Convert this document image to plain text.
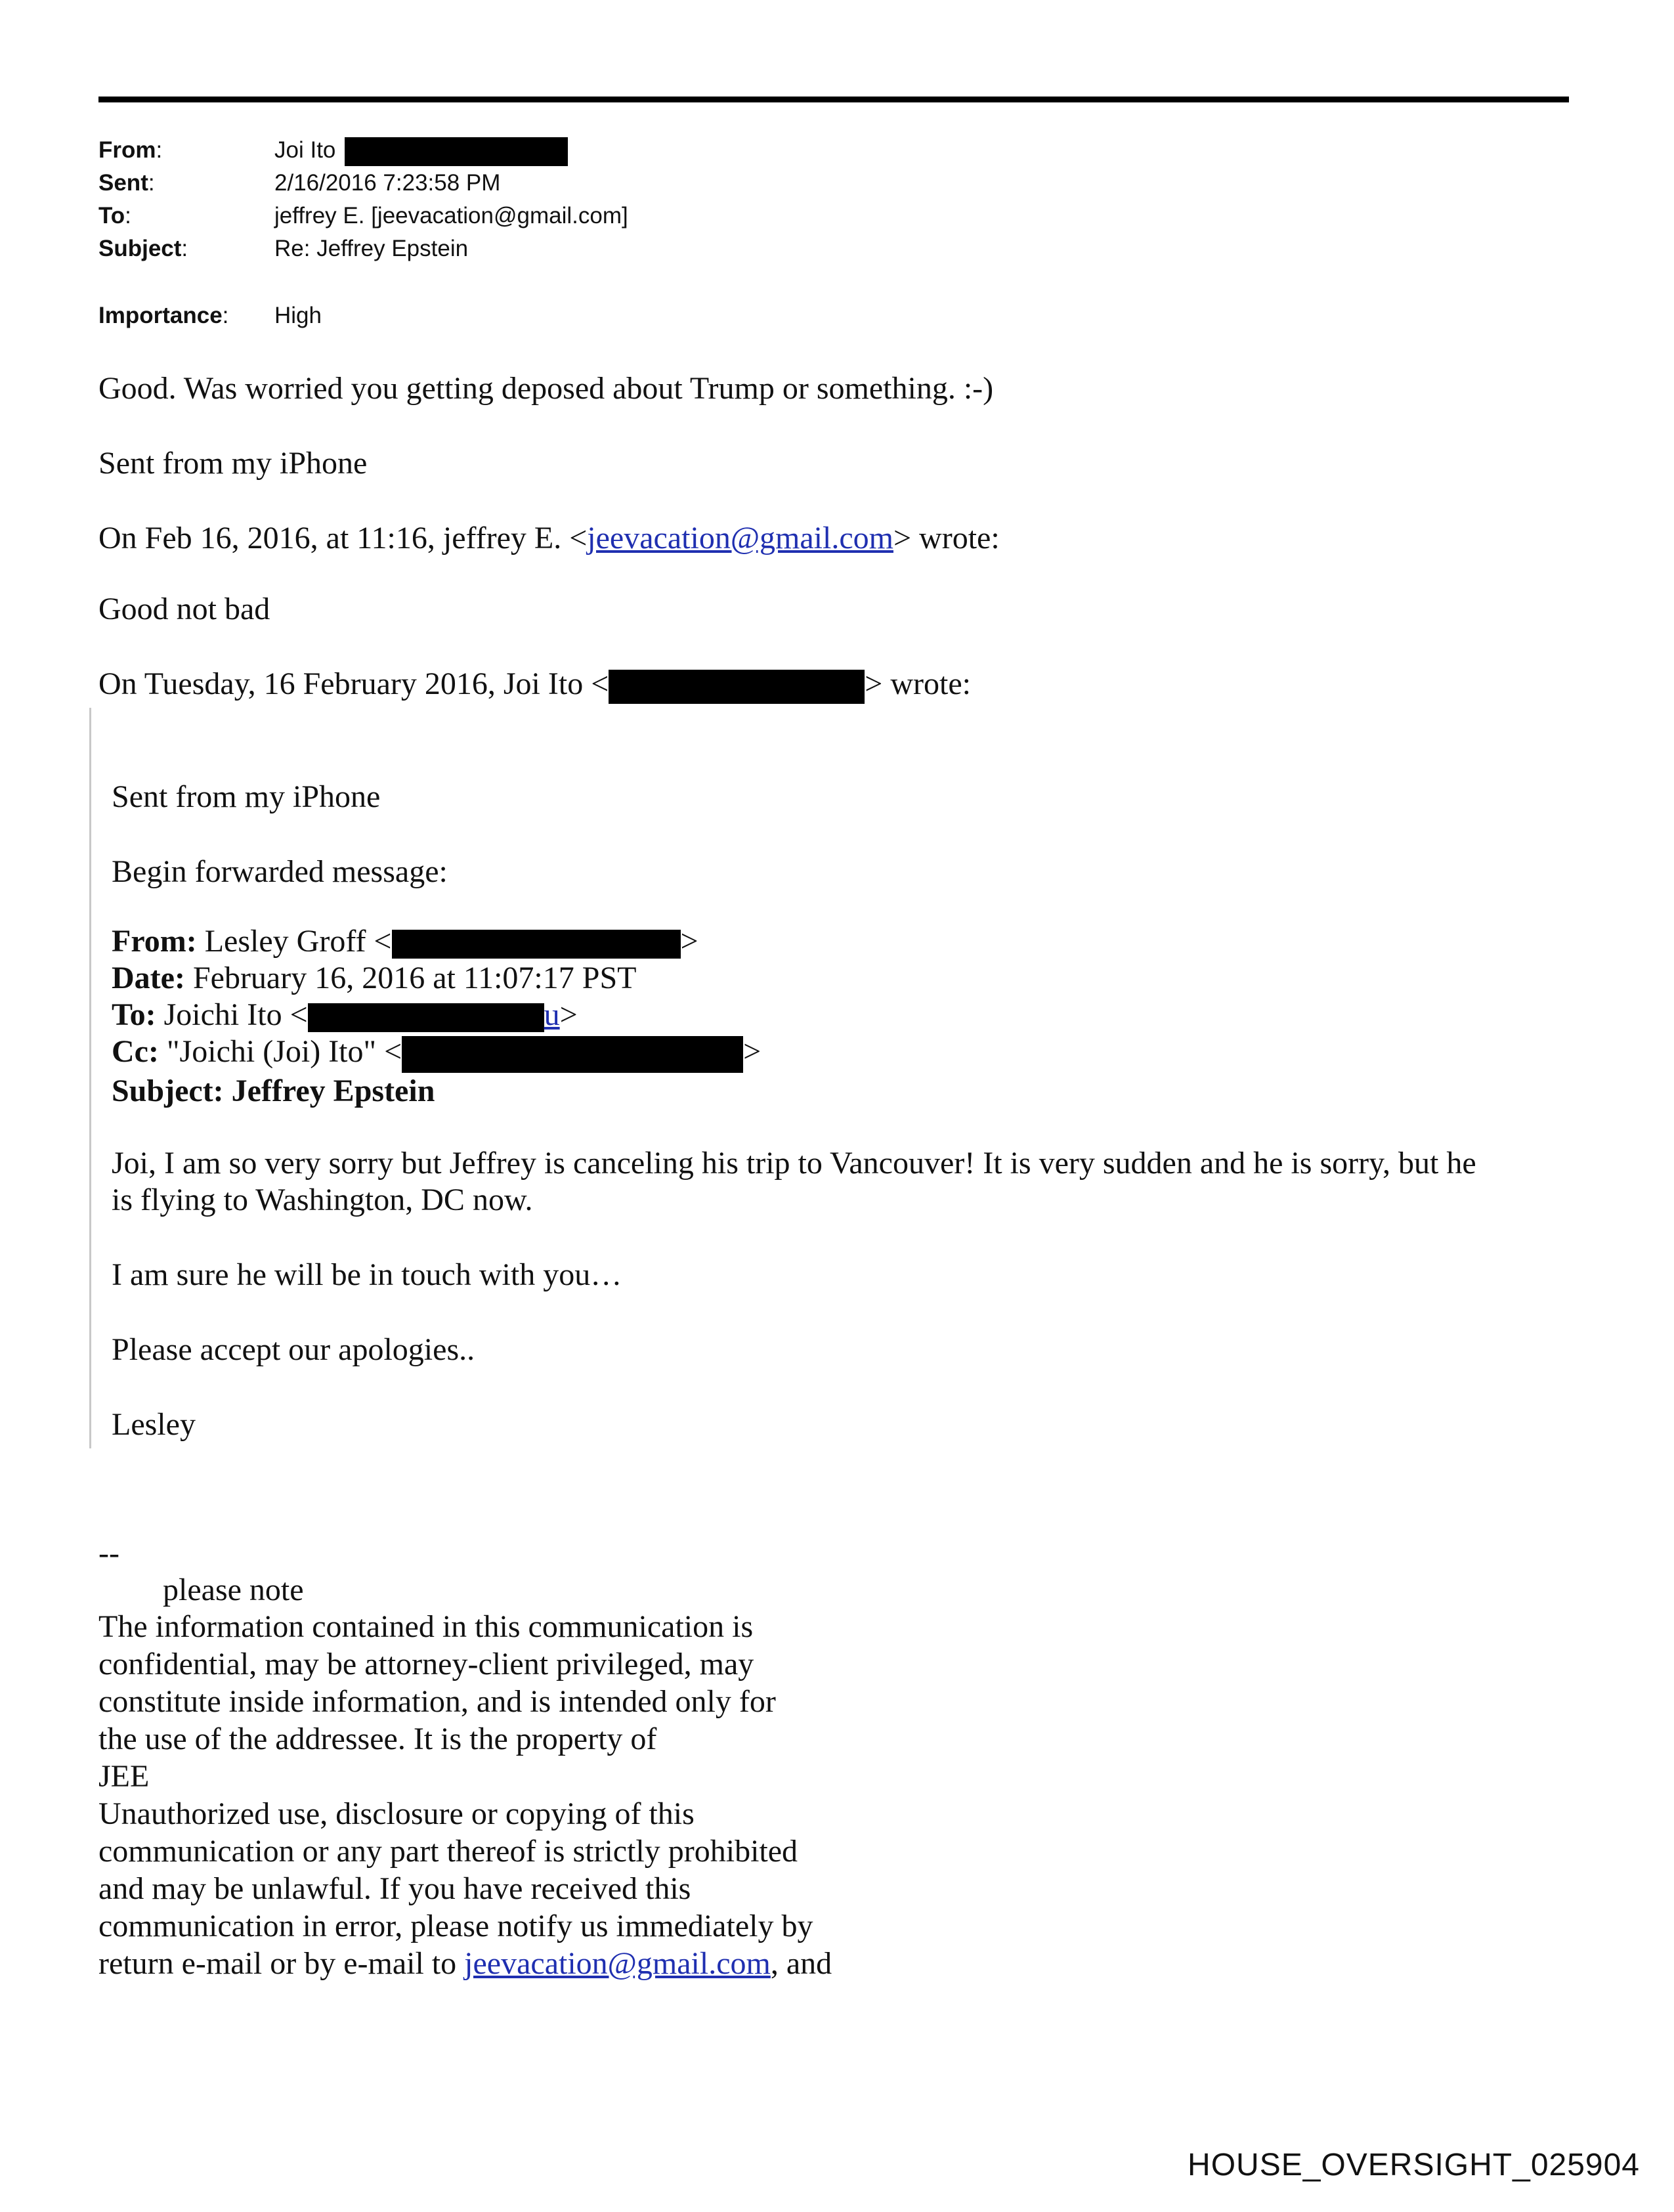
From:	Joi Ito
Sent:	2/16/2016 7:23:58 PM
To:	jeffrey E. [jeevacation@gmail.com]
Subject:	Re: Jeffrey Epstein
Importance: High
Good. Was worried you getting deposed about Trump or something. :-)
Sent from my iPhone
On Feb 16, 2016, at 11:16, jeffrey E. <jeevacation@gmail.com> wrote:
Good not bad
On Tuesday, 16 February 2016, Joi Ito <	> wrote:
Sent from my iPhone
Begin forwarded message:
From: Lesley Groff <	>
Date: February 16, 2016 at 11:07:17 PST
To: Joichi Ito <	u>
Cc: "Joichi (Joi) Ito" <	>
Subject: Jeffrey Epstein
Joi, I am so very sorry but Jeffrey is canceling his trip to Vancouver! It is very sudden and he is sorry, but he
is flying to Washington, DC now.
I am sure he will be in touch with you…
Please accept our apologies..
Lesley
--
please note
The information contained in this communication is
confidential, may be attorney-client privileged, may
constitute inside information, and is intended only for
the use of the addressee. It is the property of
JEE
Unauthorized use, disclosure or copying of this
communication or any part thereof is strictly prohibited
and may be unlawful. If you have received this
communication in error, please notify us immediately by
return e-mail or by e-mail to jeevacation@gmail.com, and
HOUSE_OVERSIGHT_025904
